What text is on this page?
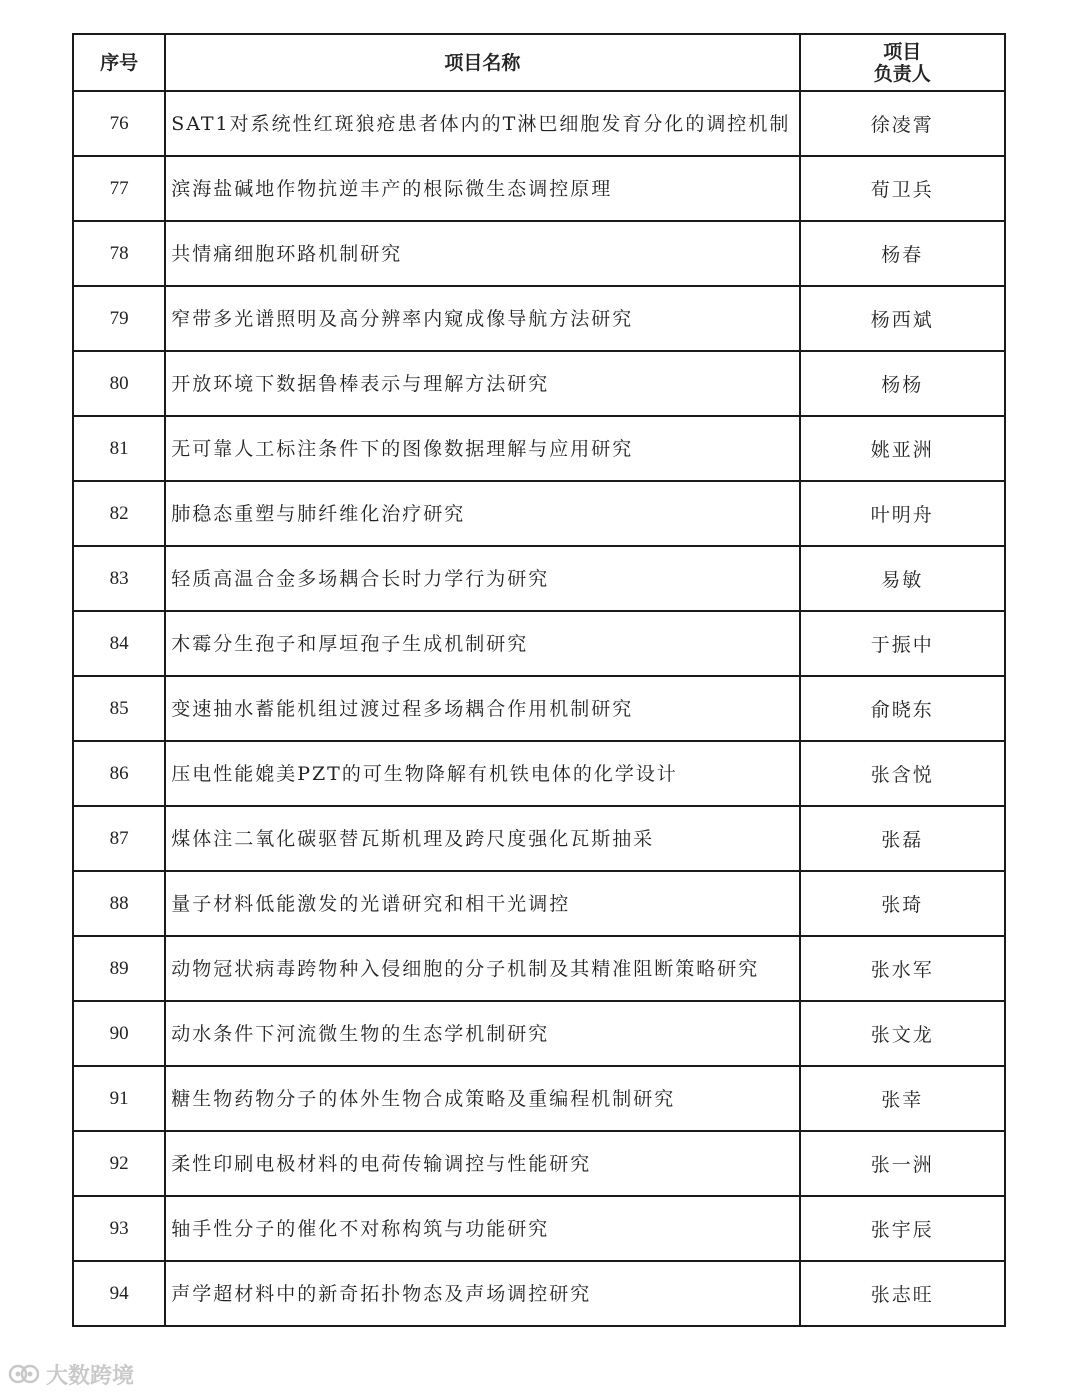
序号	项目名称	项目
负责人

76	SAT1对系统性红斑狼疮患者体内的T淋巴细胞发育分化的调控机制	徐凌霄
77	滨海盐碱地作物抗逆丰产的根际微生态调控原理	荀卫兵
78	共情痛细胞环路机制研究	杨春
79	窄带多光谱照明及高分辨率内窥成像导航方法研究	杨西斌
80	开放环境下数据鲁棒表示与理解方法研究	杨杨
81	无可靠人工标注条件下的图像数据理解与应用研究	姚亚洲
82	肺稳态重塑与肺纤维化治疗研究	叶明舟
83	轻质高温合金多场耦合长时力学行为研究	易敏
84	木霉分生孢子和厚垣孢子生成机制研究	于振中
85	变速抽水蓄能机组过渡过程多场耦合作用机制研究	俞晓东
86	压电性能媲美PZT的可生物降解有机铁电体的化学设计	张含悦
87	煤体注二氧化碳驱替瓦斯机理及跨尺度强化瓦斯抽采	张磊
88	量子材料低能激发的光谱研究和相干光调控	张琦
89	动物冠状病毒跨物种入侵细胞的分子机制及其精准阻断策略研究	张水军
90	动水条件下河流微生物的生态学机制研究	张文龙
91	糖生物药物分子的体外生物合成策略及重编程机制研究	张幸
92	柔性印刷电极材料的电荷传输调控与性能研究	张一洲
93	轴手性分子的催化不对称构筑与功能研究	张宇辰
94	声学超材料中的新奇拓扑物态及声场调控研究	张志旺
大数跨境
